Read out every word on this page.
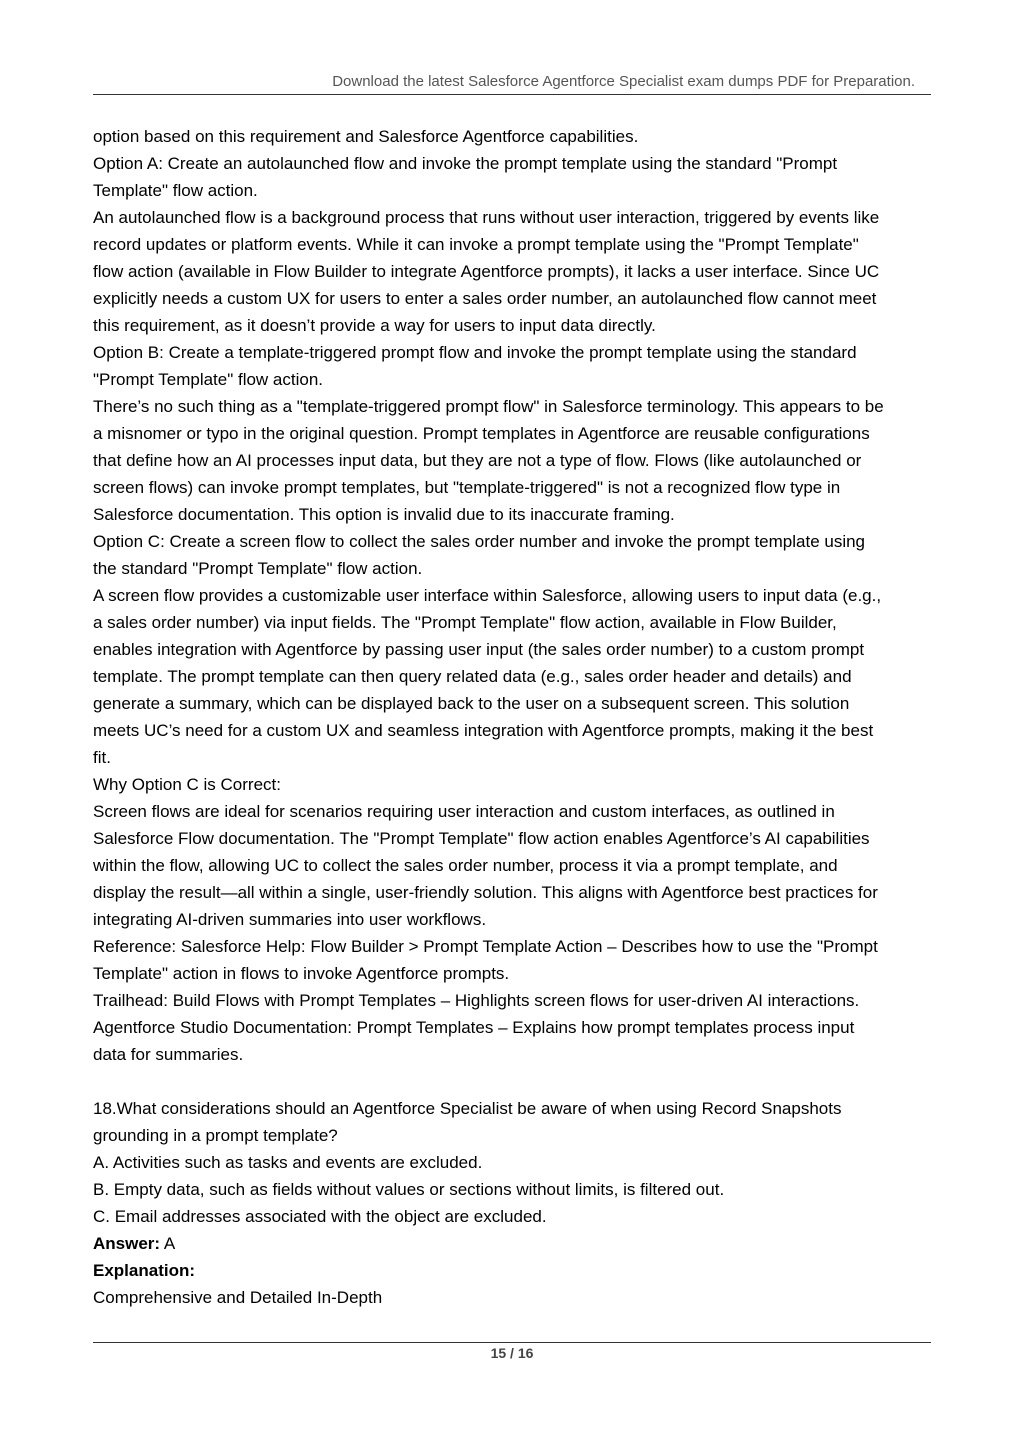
Download the latest Salesforce Agentforce Specialist exam dumps PDF for Preparation.
option based on this requirement and Salesforce Agentforce capabilities.
Option A: Create an autolaunched flow and invoke the prompt template using the standard "Prompt
Template" flow action.
An autolaunched flow is a background process that runs without user interaction, triggered by events like
record updates or platform events. While it can invoke a prompt template using the "Prompt Template"
flow action (available in Flow Builder to integrate Agentforce prompts), it lacks a user interface. Since UC
explicitly needs a custom UX for users to enter a sales order number, an autolaunched flow cannot meet
this requirement, as it doesn’t provide a way for users to input data directly.
Option B: Create a template-triggered prompt flow and invoke the prompt template using the standard
"Prompt Template" flow action.
There’s no such thing as a "template-triggered prompt flow" in Salesforce terminology. This appears to be
a misnomer or typo in the original question. Prompt templates in Agentforce are reusable configurations
that define how an AI processes input data, but they are not a type of flow. Flows (like autolaunched or
screen flows) can invoke prompt templates, but "template-triggered" is not a recognized flow type in
Salesforce documentation. This option is invalid due to its inaccurate framing.
Option C: Create a screen flow to collect the sales order number and invoke the prompt template using
the standard "Prompt Template" flow action.
A screen flow provides a customizable user interface within Salesforce, allowing users to input data (e.g.,
a sales order number) via input fields. The "Prompt Template" flow action, available in Flow Builder,
enables integration with Agentforce by passing user input (the sales order number) to a custom prompt
template. The prompt template can then query related data (e.g., sales order header and details) and
generate a summary, which can be displayed back to the user on a subsequent screen. This solution
meets UC’s need for a custom UX and seamless integration with Agentforce prompts, making it the best
fit.
Why Option C is Correct:
Screen flows are ideal for scenarios requiring user interaction and custom interfaces, as outlined in
Salesforce Flow documentation. The "Prompt Template" flow action enables Agentforce’s AI capabilities
within the flow, allowing UC to collect the sales order number, process it via a prompt template, and
display the result—all within a single, user-friendly solution. This aligns with Agentforce best practices for
integrating AI-driven summaries into user workflows.
Reference: Salesforce Help: Flow Builder > Prompt Template Action – Describes how to use the "Prompt
Template" action in flows to invoke Agentforce prompts.
Trailhead: Build Flows with Prompt Templates – Highlights screen flows for user-driven AI interactions.
Agentforce Studio Documentation: Prompt Templates – Explains how prompt templates process input
data for summaries.
18.What considerations should an Agentforce Specialist be aware of when using Record Snapshots
grounding in a prompt template?
A. Activities such as tasks and events are excluded.
B. Empty data, such as fields without values or sections without limits, is filtered out.
C. Email addresses associated with the object are excluded.
Answer: A
Explanation:
Comprehensive and Detailed In-Depth
15 / 16
